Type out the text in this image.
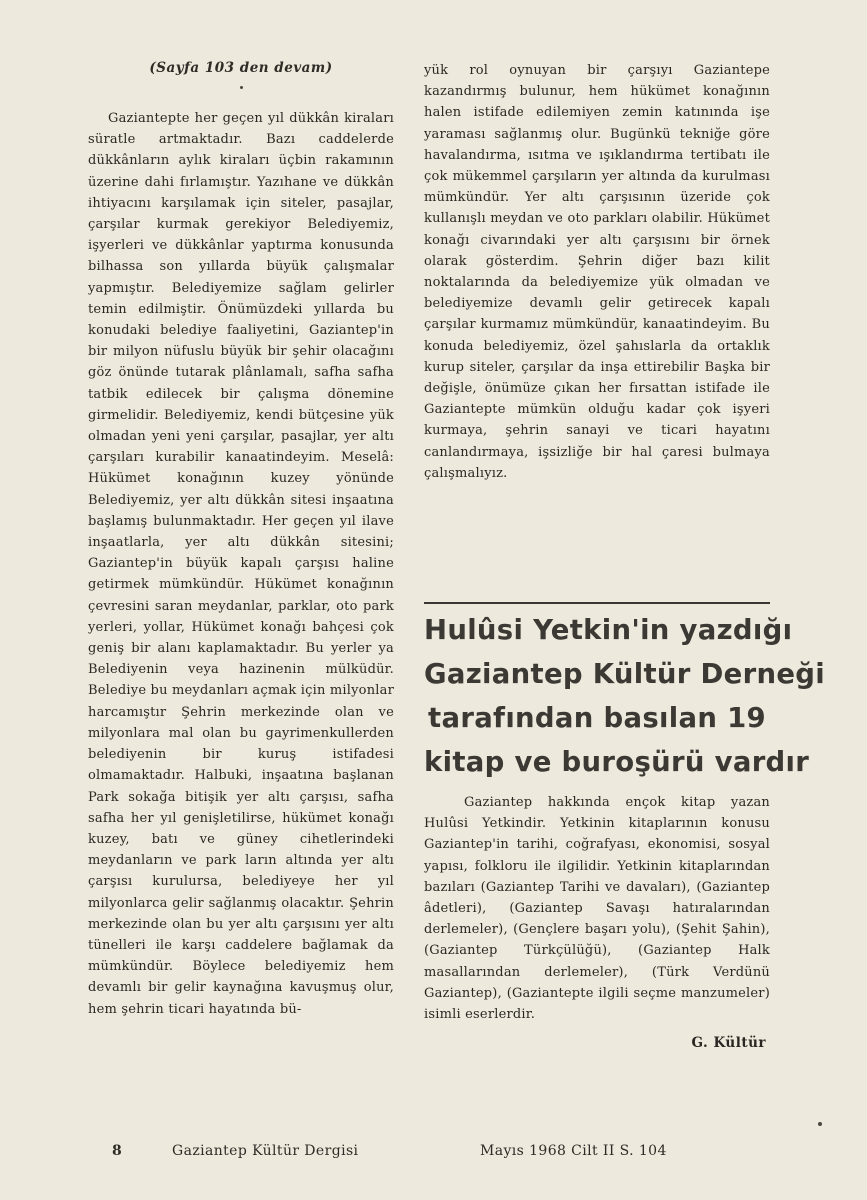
(Sayfa 103 den devam)

Gaziantepte her geçen yıl dükkân kiraları süratle artmaktadır. Bazı caddelerde dükkânların aylık kiraları üçbin rakamının üzerine dahi fırlamıştır. Yazıhane ve dükkân ihtiyacını karşılamak için siteler, pasajlar, çarşılar kurmak gerekiyor Belediyemiz, işyerleri ve dükkânlar yaptırma konusunda bilhassa son yıllarda büyük çalışmalar yapmıştır. Belediyemize sağlam gelirler temin edilmiştir. Önümüzdeki yıllarda bu konudaki belediye faaliyetini, Gaziantep'in bir milyon nüfuslu büyük bir şehir olacağını göz önünde tutarak plânlamalı, safha safha tatbik edilecek bir çalışma dönemine girmelidir. Belediyemiz, kendi bütçesine yük olmadan yeni yeni çarşılar, pasajlar, yer altı çarşıları kurabilir kanaatindeyim. Meselâ: Hükümet konağının kuzey yönünde Belediyemiz, yer altı dükkân sitesi inşaatına başlamış bulunmaktadır. Her geçen yıl ilave inşaatlarla, yer altı dükkân sitesini; Gaziantep'in büyük kapalı çarşısı haline getirmek mümkündür. Hükümet konağının çevresini saran meydanlar, parklar, oto park yerleri, yollar, Hükümet konağı bahçesi çok geniş bir alanı kaplamaktadır. Bu yerler ya Belediyenin veya hazinenin mülküdür. Belediye bu meydanları açmak için milyonlar harcamıştır Şehrin merkezinde olan ve milyonlara mal olan bu gayrimenkullerden belediyenin bir kuruş istifadesi olmamaktadır. Halbuki, inşaatına başlanan Park sokağa bitişik yer altı çarşısı, safha safha her yıl genişletilirse, hükümet konağı kuzey, batı ve güney cihetlerindeki meydanların ve park ların altında yer altı çarşısı kurulursa, belediyeye her yıl milyonlarca gelir sağlanmış olacaktır. Şehrin merkezinde olan bu yer altı çarşısını yer altı tünelleri ile karşı caddelere bağlamak da mümkündür. Böylece belediyemiz hem devamlı bir gelir kaynağına kavuşmuş olur, hem şehrin ticari hayatında bü-

yük rol oynuyan bir çarşıyı Gaziantepe kazandırmış bulunur, hem hükümet konağının halen istifade edilemiyen zemin katınında işe yaraması sağlanmış olur. Bugünkü tekniğe göre havalandırma, ısıtma ve ışıklandırma tertibatı ile çok mükemmel çarşıların yer altında da kurulması mümkündür. Yer altı çarşısının üzeride çok kullanışlı meydan ve oto parkları olabilir. Hükümet konağı civarındaki yer altı çarşısını bir örnek olarak gösterdim. Şehrin diğer bazı kilit noktalarında da belediyemize yük olmadan ve belediyemize devamlı gelir getirecek kapalı çarşılar kurmamız mümkündür, kanaatindeyim. Bu konuda belediyemiz, özel şahıslarla da ortaklık kurup siteler, çarşılar da inşa ettirebilir Başka bir değişle, önümüze çıkan her fırsattan istifade ile Gaziantepte mümkün olduğu kadar çok işyeri kurmaya, şehrin sanayi ve ticari hayatını canlandırmaya, işsizliğe bir hal çaresi bulmaya çalışmalıyız.

Hulûsi Yetkin'in yazdığı
Gaziantep Kültür Derneği
tarafından basılan 19
kitap ve buroşürü vardır

Gaziantep hakkında ençok kitap yazan Hulûsi Yetkindir. Yetkinin kitaplarının konusu Gaziantep'in tarihi, coğrafyası, ekonomisi, sosyal yapısı, folkloru ile ilgilidir. Yetkinin kitaplarından bazıları (Gaziantep Tarihi ve davaları), (Gaziantep âdetleri), (Gaziantep Savaşı hatıralarından derlemeler), (Gençlere başarı yolu), (Şehit Şahin), (Gaziantep Türkçülüğü), (Gaziantep Halk masallarından derlemeler), (Türk Verdünü Gaziantep), (Gaziantepte ilgili seçme manzumeler) isimli eserlerdir.

G. Kültür
8	Gaziantep Kültür Dergisi	Mayıs 1968 Cilt II S. 104
